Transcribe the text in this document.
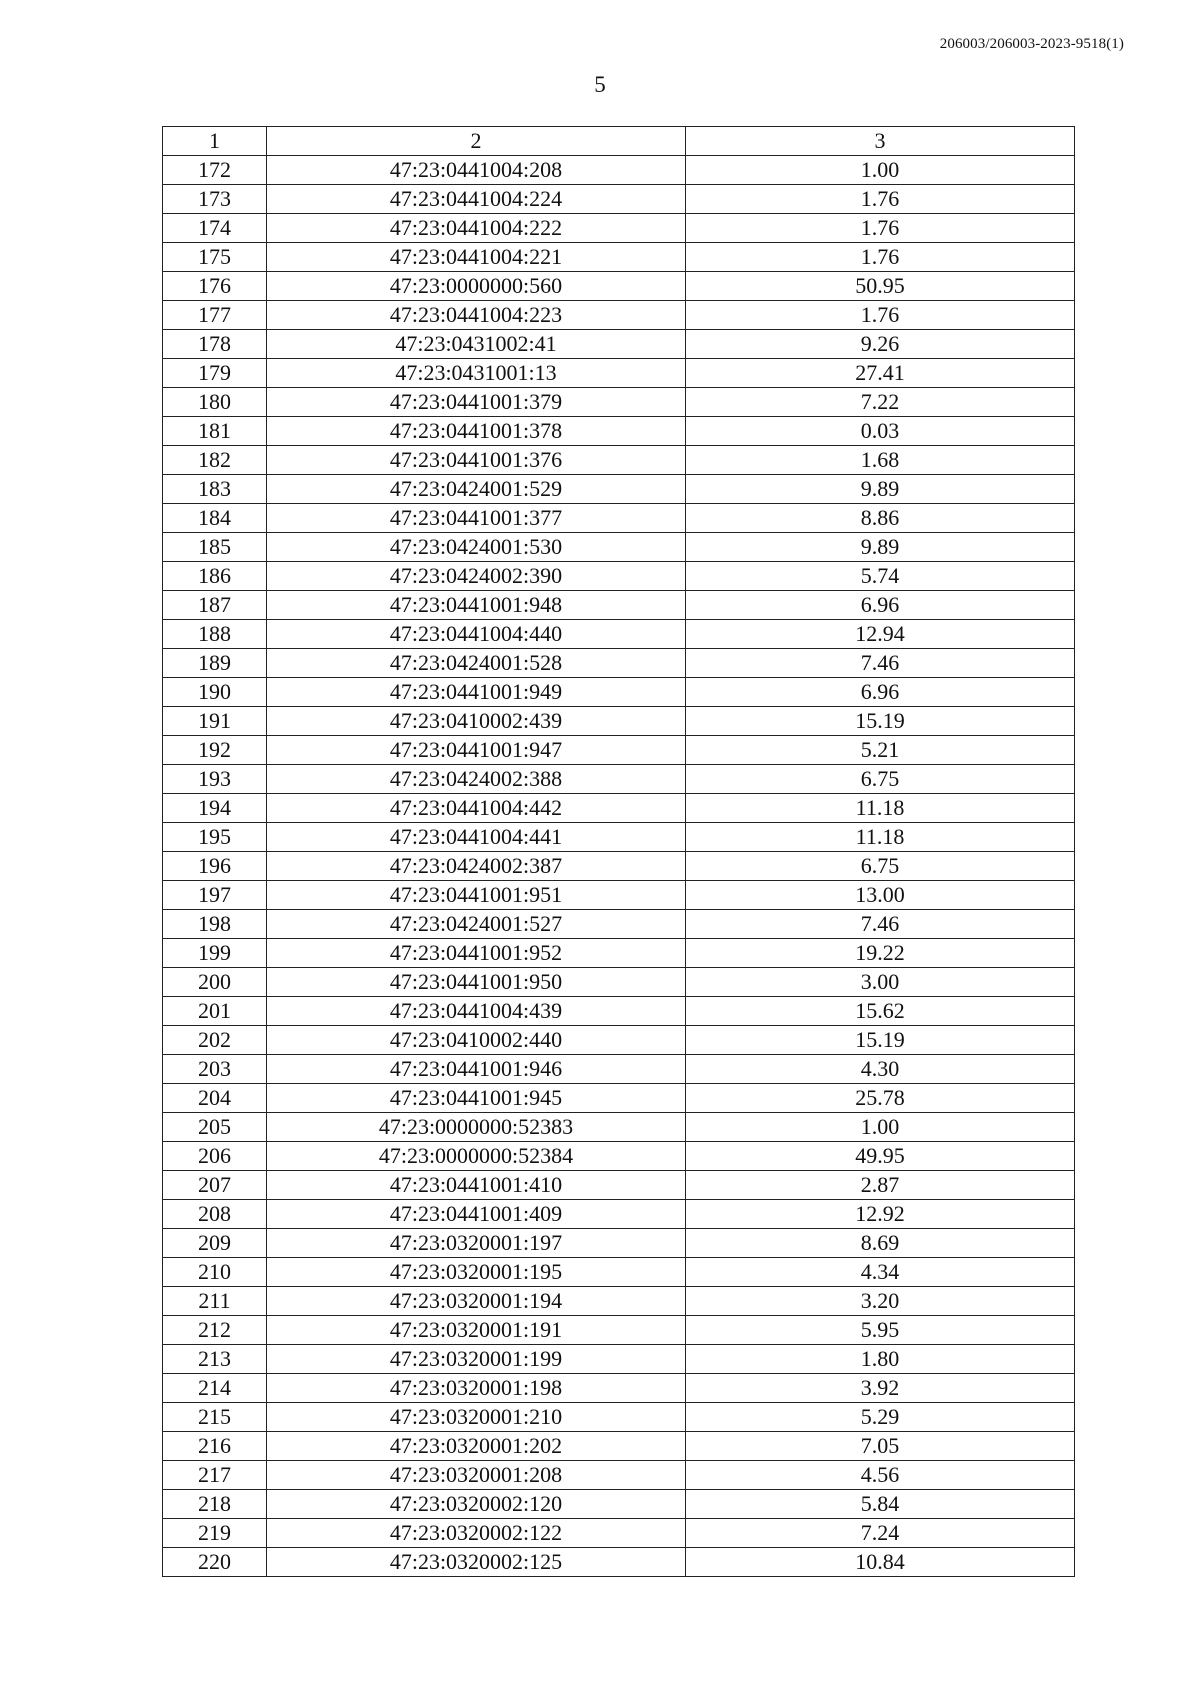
206003/206003-2023-9518(1)
5
1	2	3
172	47:23:0441004:208	1.00
173	47:23:0441004:224	1.76
174	47:23:0441004:222	1.76
175	47:23:0441004:221	1.76
176	47:23:0000000:560	50.95
177	47:23:0441004:223	1.76
178	47:23:0431002:41	9.26
179	47:23:0431001:13	27.41
180	47:23:0441001:379	7.22
181	47:23:0441001:378	0.03
182	47:23:0441001:376	1.68
183	47:23:0424001:529	9.89
184	47:23:0441001:377	8.86
185	47:23:0424001:530	9.89
186	47:23:0424002:390	5.74
187	47:23:0441001:948	6.96
188	47:23:0441004:440	12.94
189	47:23:0424001:528	7.46
190	47:23:0441001:949	6.96
191	47:23:0410002:439	15.19
192	47:23:0441001:947	5.21
193	47:23:0424002:388	6.75
194	47:23:0441004:442	11.18
195	47:23:0441004:441	11.18
196	47:23:0424002:387	6.75
197	47:23:0441001:951	13.00
198	47:23:0424001:527	7.46
199	47:23:0441001:952	19.22
200	47:23:0441001:950	3.00
201	47:23:0441004:439	15.62
202	47:23:0410002:440	15.19
203	47:23:0441001:946	4.30
204	47:23:0441001:945	25.78
205	47:23:0000000:52383	1.00
206	47:23:0000000:52384	49.95
207	47:23:0441001:410	2.87
208	47:23:0441001:409	12.92
209	47:23:0320001:197	8.69
210	47:23:0320001:195	4.34
211	47:23:0320001:194	3.20
212	47:23:0320001:191	5.95
213	47:23:0320001:199	1.80
214	47:23:0320001:198	3.92
215	47:23:0320001:210	5.29
216	47:23:0320001:202	7.05
217	47:23:0320001:208	4.56
218	47:23:0320002:120	5.84
219	47:23:0320002:122	7.24
220	47:23:0320002:125	10.84
